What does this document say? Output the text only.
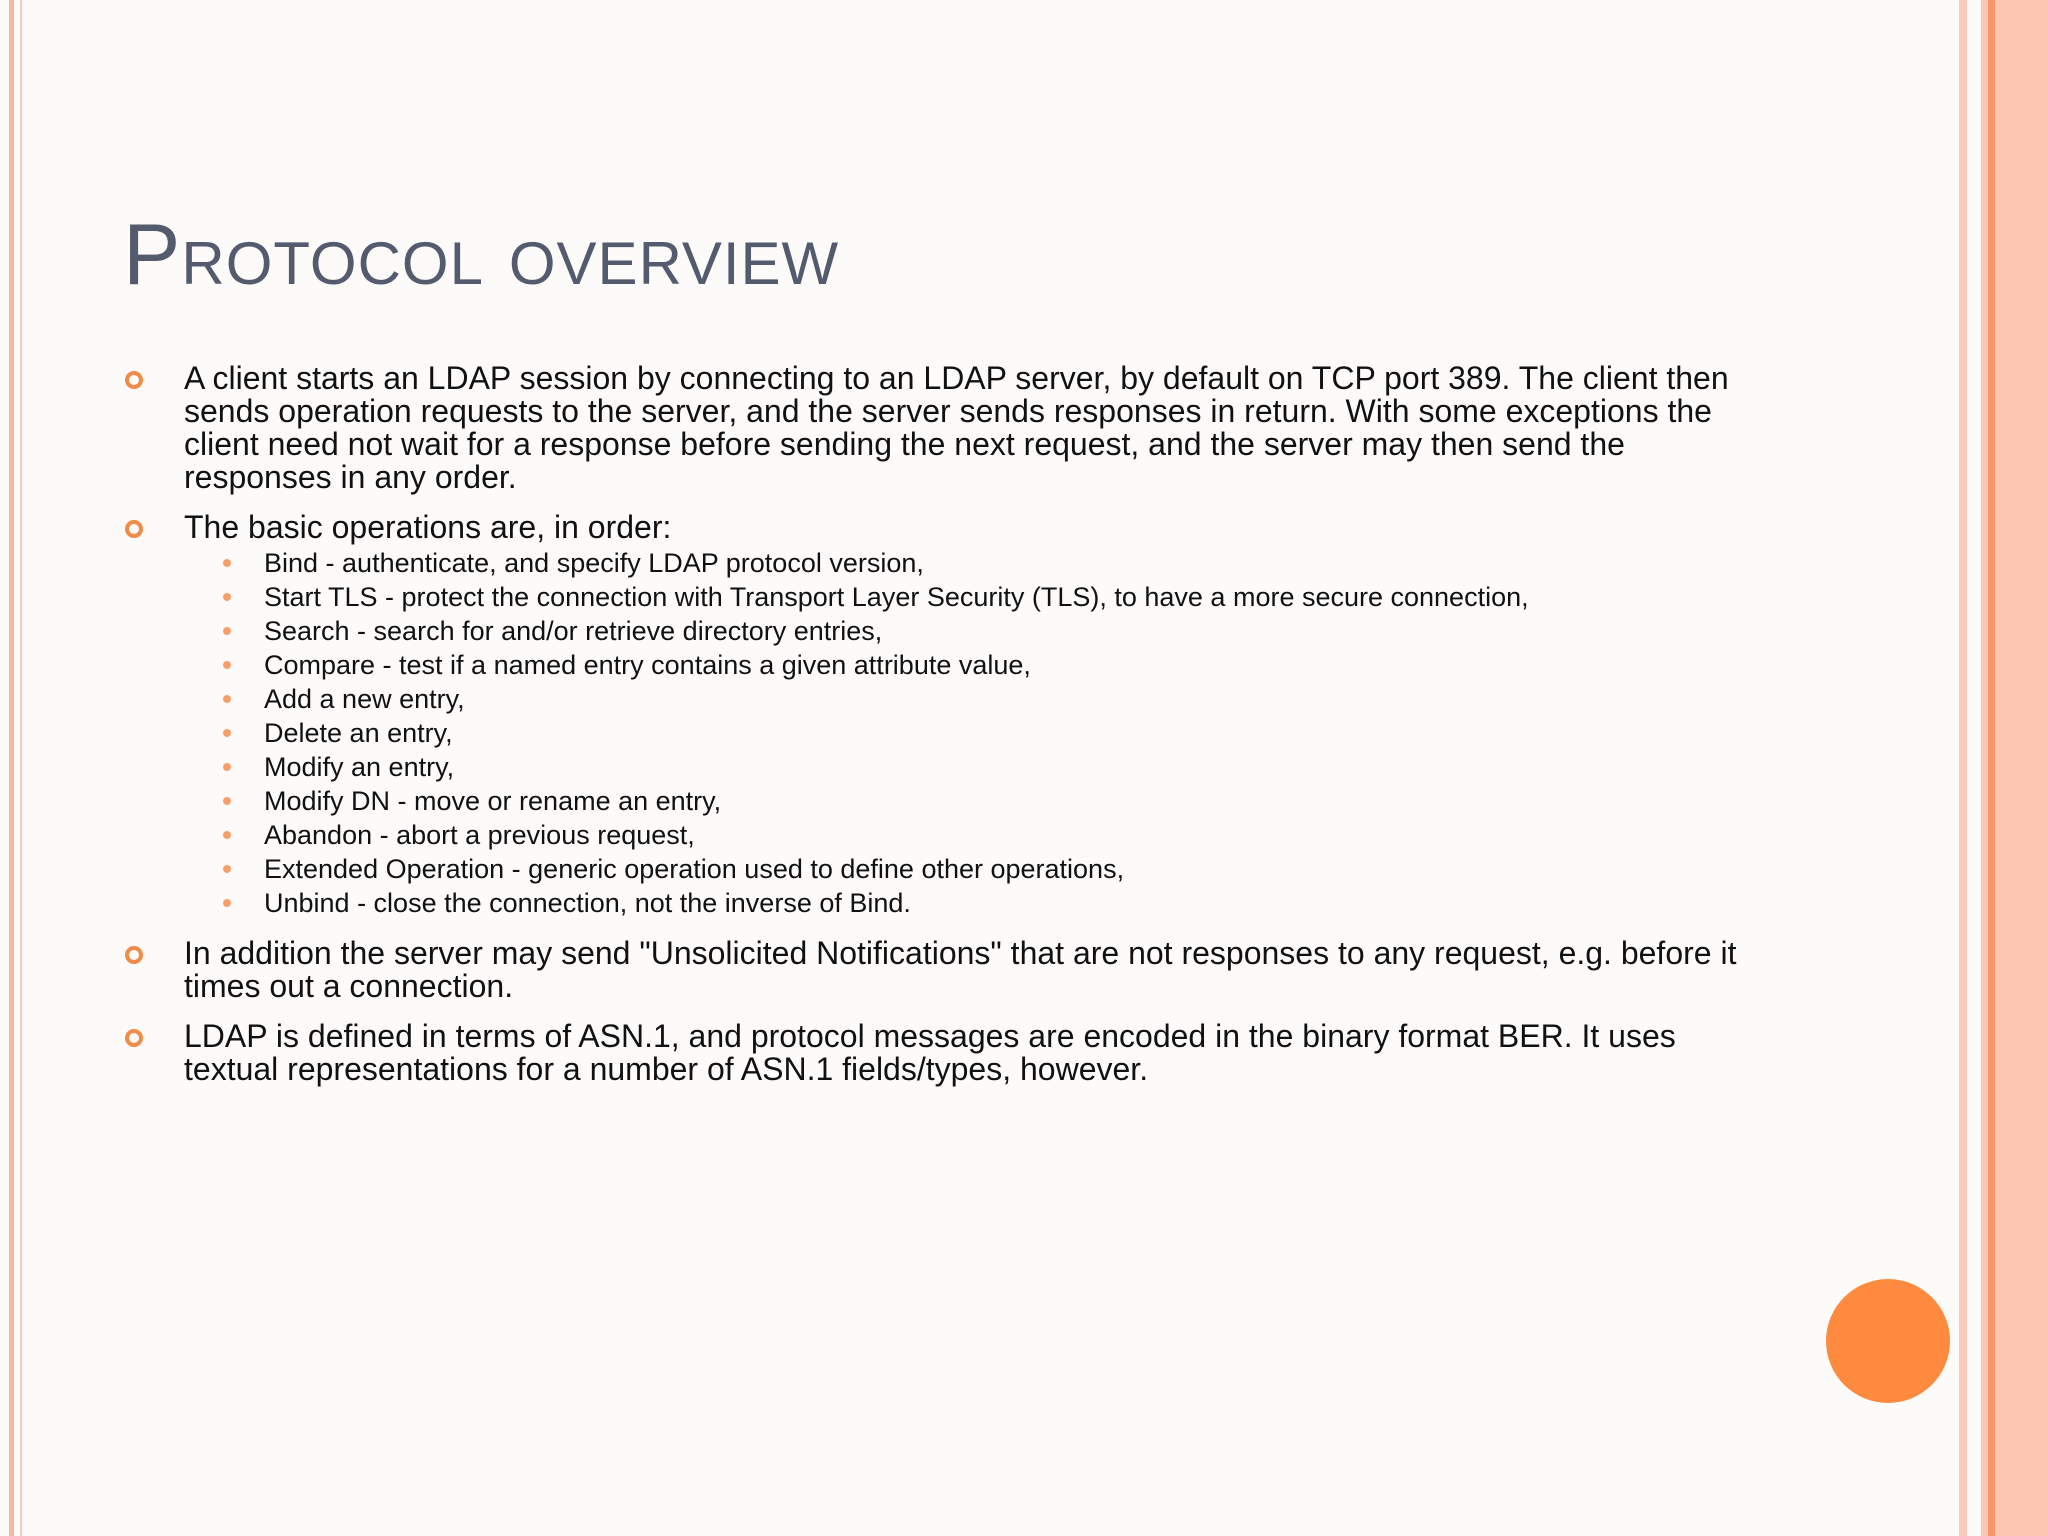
Protocol overview
A client starts an LDAP session by connecting to an LDAP server, by default on TCP port 389. The client then sends operation requests to the server, and the server sends responses in return. With some exceptions the client need not wait for a response before sending the next request, and the server may then send the responses in any order.
The basic operations are, in order:
Bind - authenticate, and specify LDAP protocol version,
Start TLS - protect the connection with Transport Layer Security (TLS), to have a more secure connection,
Search - search for and/or retrieve directory entries,
Compare - test if a named entry contains a given attribute value,
Add a new entry,
Delete an entry,
Modify an entry,
Modify DN - move or rename an entry,
Abandon - abort a previous request,
Extended Operation - generic operation used to define other operations,
Unbind - close the connection, not the inverse of Bind.
In addition the server may send "Unsolicited Notifications" that are not responses to any request, e.g. before it times out a connection.
LDAP is defined in terms of ASN.1, and protocol messages are encoded in the binary format BER. It uses textual representations for a number of ASN.1 fields/types, however.
